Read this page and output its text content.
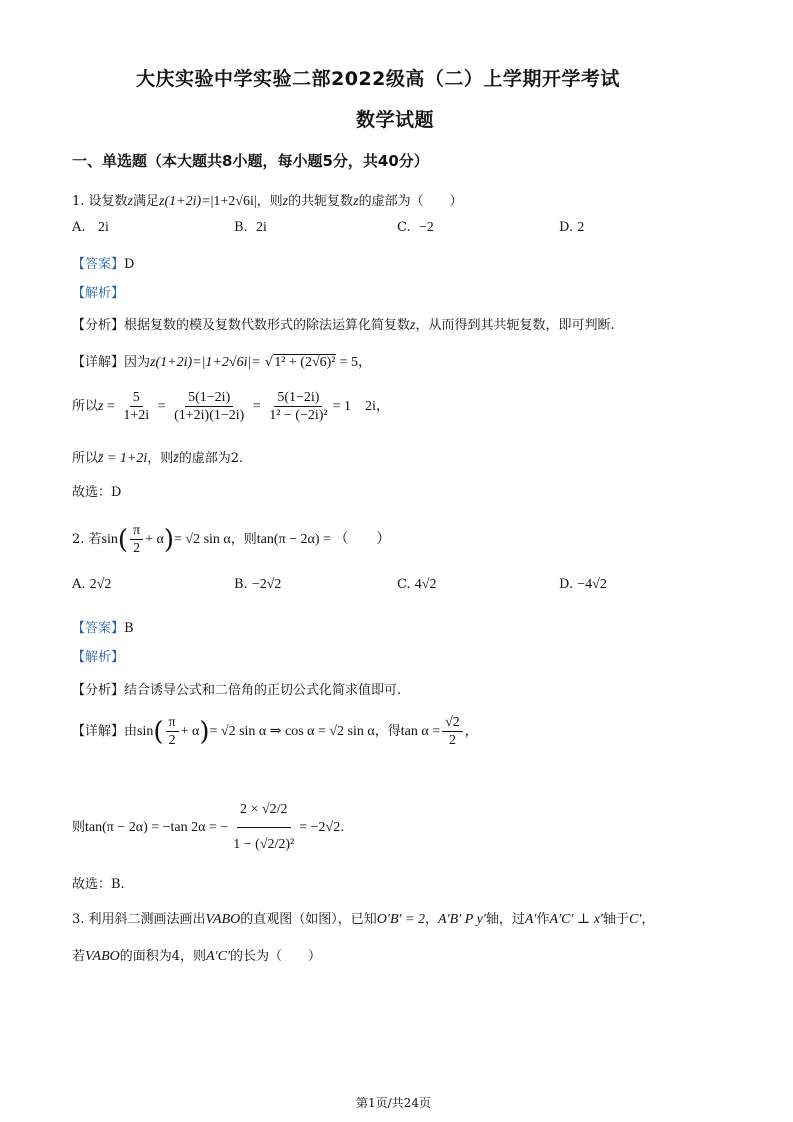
大庆实验中学实验二部2022级高（二）上学期开学考试
数学试题
一、单选题（本大题共8小题，每小题5分，共40分）
1. 设复数z满足z(1+2i)=|1+2√6i|，则z的共轭复数z的虚部为（　　）
A. 2i	B. 2i	C. −2	D. 2
【答案】D
【解析】
【分析】根据复数的模及复数代数形式的除法运算化简复数z，从而得到其共轭复数，即可判断.
【详解】因为z(1+2i)=|1+2√6i|= √1² + (2√6)² = 5，
所以 $z = \frac{5}{1+2i} = \frac{5(1-2i)}{(1+2i)(1-2i)} = \frac{5(1-2i)}{\text{1² − (−2i)²}} = 1$　2i，
所以z̄ = 1+2i，则z̄的虚部为2.
故选：D
2. 若 sin ( $\frac{\pi}{2} + \alpha$ ) = √2 sin α ，则 tan(π − 2α) = （　　）
A. 2√2	B. −2√2	C. 4√2	D. −4√2
【答案】B
【解析】
【分析】结合诱导公式和二倍角的正切公式化简求值即可.
【详解】 由 sin ( $\frac{\pi}{2} + \alpha$ ) = √2 sin α ⇒ cos α = √2 sin α ，得 $\tan \alpha = \frac{√2}{2}$ ，
则 tan(π − 2α) = −tan 2α = − $\frac{2 \times √2/2}{\text{1 − (√2/2)²}} = -2√2$ .
故选：B.
3. 利用斜二测画法画出VABO的直观图（如图），已知O′B′ = 2，A′B′ P y′轴，过A′作A′C′ ⊥ x′轴于C′，
若VABO的面积为4，则A′C′的长为（　　）
第1页/共24页
